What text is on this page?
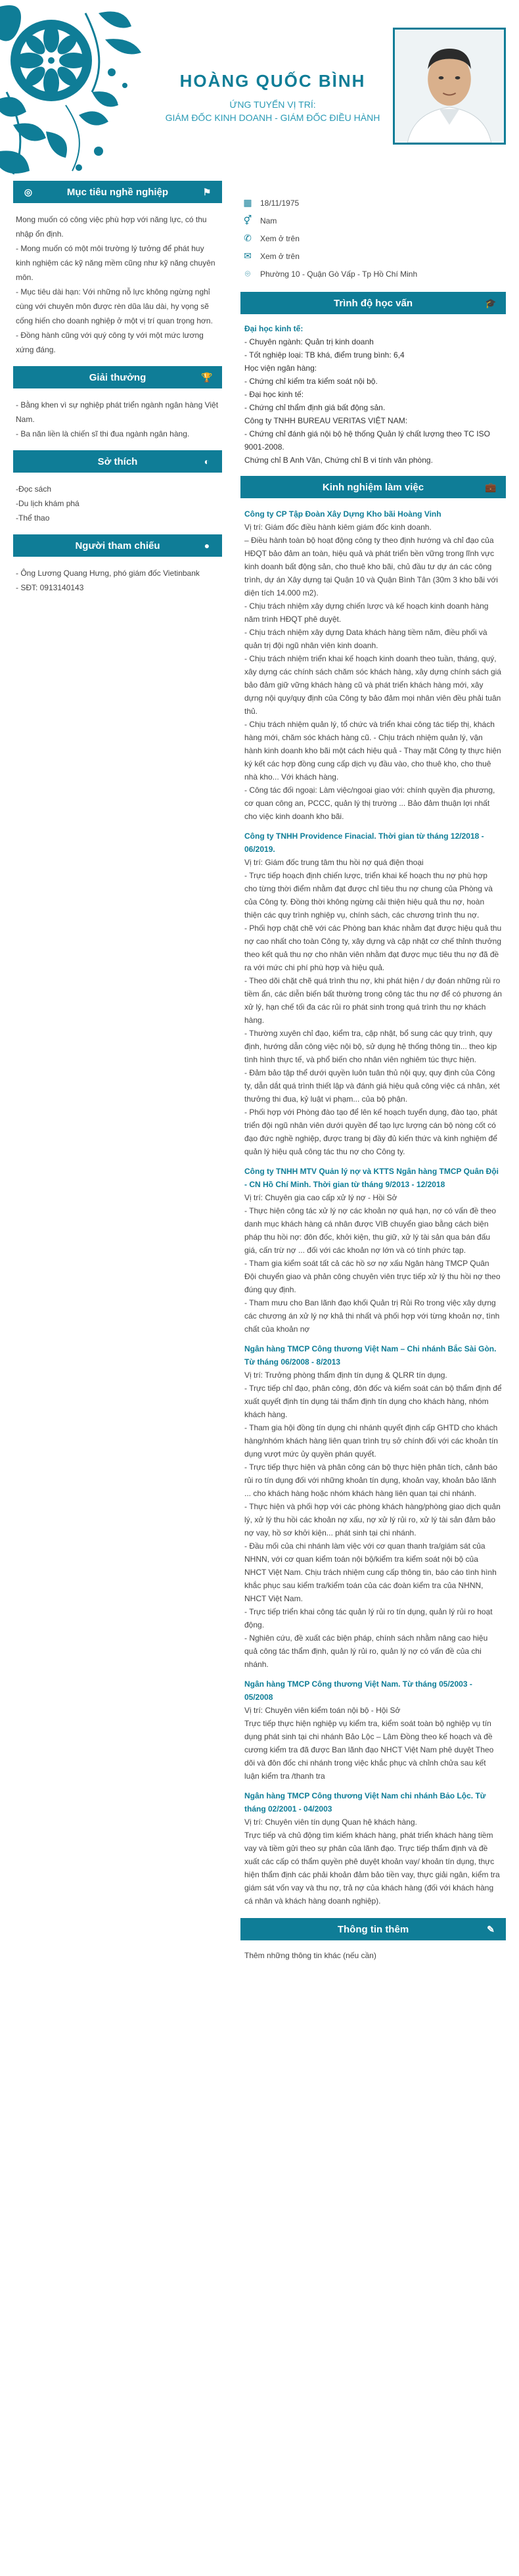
HOÀNG QUỐC BÌNH
ỨNG TUYỂN VỊ TRÍ:
GIÁM ĐỐC KINH DOANH - GIÁM ĐỐC ĐIỀU HÀNH
◎	Mục tiêu nghề nghiệp	⚑

Mong muốn có công việc phù hợp với năng lực, có thu nhập ổn định.

- Mong muốn có một môi trường lý tưởng để phát huy kinh nghiệm các kỹ năng mềm cũng như kỹ năng chuyên môn.

- Mục tiêu dài hạn: Với những nỗ lực không ngừng nghỉ cùng với chuyên môn được rèn dũa lâu dài, hy vọng sẽ cống hiến cho doanh nghiệp ở một vị trí quan trọng hơn.

- Đồng hành cũng với quý công ty với một mức lương xứng đáng.

Giải thưởng	🏆

- Bằng khen vì sự nghiệp phát triển ngành ngân hàng Việt Nam.

- Ba năn liền là chiến sĩ thi đua ngành ngân hàng.

Sở thích	◐

-Đọc sách

-Du lịch khám phá

-Thể thao

Người tham chiếu	●

- Ông Lương Quang Hưng, phó giám đốc Vietinbank

- SĐT: 0913140143

▦	18/11/1975
⚥	Nam
✆	Xem ở trên
✉	Xem ở trên
⌾	Phường 10 - Quận Gò Vấp - Tp Hồ Chí Minh
Trình độ học vấn	🎓
Đại học kinh tế:
- Chuyên ngành: Quản trị kinh doanh
- Tốt nghiệp loại: TB khá, điểm trung bình: 6,4
Học viện ngân hàng:
- Chứng chỉ kiểm tra kiểm soát nội bộ.
- Đại học kinh tế:
- Chứng chỉ thẩm định giá bất động sản.
Công ty TNHH BUREAU VERITAS VIỆT NAM:
- Chứng chỉ đánh giá nội bộ hệ thống Quản lý chất lượng theo TC ISO 9001-2008.
Chứng chỉ B Anh Văn, Chứng chỉ B vi tính văn phòng.
Kinh nghiệm làm việc	💼
Công ty CP Tập Đoàn Xây Dựng Kho bãi Hoàng Vinh
Vị trí: Giám đốc điều hành kiêm giám đốc kinh doanh.
– Điều hành toàn bộ hoạt động công ty theo định hướng và chỉ đạo của HĐQT bảo đảm an toàn, hiệu quả và phát triển bền vững trong lĩnh vực kinh doanh bất động sản, cho thuê kho bãi, chủ đầu tư dự án các công trình, dự án Xây dựng tại Quận 10 và Quận Bình Tân (30m 3 kho bãi với diện tích 14.000 m2).
- Chịu trách nhiệm xây dựng chiến lược và kế hoạch kinh doanh hàng năm trình HĐQT phê duyệt.
- Chịu trách nhiệm xây dựng Data khách hàng tiềm năm, điều phối và quản trị đội ngũ nhân viên kinh doanh.
- Chịu trách nhiệm triển khai kế hoạch kinh doanh theo tuần, tháng, quý, xây dựng các chính sách chăm sóc khách hàng, xây dựng chính sách giá bảo đảm giữ vững khách hàng cũ và phát triển khách hàng mới, xây dựng nội quy/quy định của Công ty bảo đảm mọi nhân viên đều phải tuân thủ.
- Chịu trách nhiệm quản lý, tổ chức và triển khai công tác tiếp thị, khách hàng mới, chăm sóc khách hàng cũ. - Chịu trách nhiệm quản lý, vận hành kinh doanh kho bãi một cách hiệu quả - Thay mặt Công ty thực hiện ký kết các hợp đồng cung cấp dịch vụ đầu vào, cho thuê kho, cho thuê nhà kho... Với khách hàng.
- Công tác đối ngoại: Làm việc/ngoại giao với: chính quyền địa phương, cơ quan công an, PCCC, quản lý thị trường ... Bảo đảm thuận lợi nhất cho việc kinh doanh kho bãi.
Công ty TNHH Providence Finacial. Thời gian từ tháng 12/2018 - 06/2019.
Vị trí: Giám đốc trung tâm thu hồi nợ quá điện thoại
- Trực tiếp hoạch định chiến lược, triển khai kế hoạch thu nợ phù hợp cho từng thời điểm nhằm đạt được chỉ tiêu thu nợ chung của Phòng và của Công ty. Đồng thời không ngừng cải thiện hiệu quả thu nợ, hoàn thiện các quy trình nghiệp vụ, chính sách, các chương trình thu nợ.
- Phối hợp chặt chẽ với các Phòng ban khác nhằm đạt được hiệu quả thu nợ cao nhất cho toàn Công ty, xây dựng và cập nhật cơ chế thỉnh thưởng theo kết quả thu nợ cho nhân viên nhằm đạt được mục tiêu thu nợ đã đề ra với mức chi phí phù hợp và hiệu quả.
- Theo dõi chặt chẽ quá trình thu nợ, khi phát hiện / dự đoán những rủi ro tiềm ẩn, các diễn biến bất thường trong công tác thu nợ để có phương án xử lý, hạn chế tối đa các rủi ro phát sinh trong quá trình thu nợ khách hàng.
- Thường xuyên chỉ đạo, kiểm tra, cập nhật, bổ sung các quy trình, quy định, hướng dẫn công việc nội bộ, sử dụng hệ thống thông tin... theo kịp tình hình thực tế, và phổ biến cho nhân viên nghiêm túc thực hiện.
- Đảm bảo tập thể dưới quyền luôn tuân thủ nội quy, quy định của Công ty, dẫn dắt quá trình thiết lập và đánh giá hiệu quả công việc cá nhân, xét thưởng thi đua, kỷ luật vi phạm... của bộ phận.
- Phối hợp với Phòng đào tạo để lên kế hoạch tuyển dụng, đào tạo, phát triển đội ngũ nhân viên dưới quyền để tạo lực lượng cán bộ nòng cốt có đạo đức nghề nghiệp, được trang bị đầy đủ kiến thức và kinh nghiệm để quản lý hiệu quả công tác thu nợ cho Công ty.
Công ty TNHH MTV Quản lý nợ và KTTS Ngân hàng TMCP Quân Đội - CN Hồ Chí Minh. Thời gian từ tháng 9/2013 - 12/2018
Vị trí: Chuyên gia cao cấp xử lý nợ - Hồi Sở
- Thực hiện công tác xử lý nợ các khoản nợ quá hạn, nợ có vấn đề theo danh mục khách hàng cá nhân được VIB chuyển giao bằng cách biện pháp thu hồi nợ: đôn đốc, khởi kiện, thu giữ, xử lý tài sản qua bán đấu giá, cấn trừ nợ ... đối với các khoản nợ lớn và có tính phức tạp.
- Tham gia kiểm soát tất cả các hồ sơ nợ xấu Ngân hàng TMCP Quân Đội chuyển giao và phản công chuyên viên trực tiếp xử lý thu hồi nợ theo đúng quy định.
- Tham mưu cho Ban lãnh đạo khối Quản trị Rủi Ro trong việc xây dựng các chương án xử lý nợ khả thi nhất và phối hợp với từng khoản nợ, tình chất của khoản nợ
Ngân hàng TMCP Công thương Việt Nam – Chi nhánh Bắc Sài Gòn. Từ tháng 06/2008 - 8/2013
Vị trí: Trưởng phòng thẩm định tín dụng & QLRR tín dụng.
- Trực tiếp chỉ đạo, phân công, đôn đốc và kiểm soát cán bộ thẩm định để xuất quyết định tín dụng tái thẩm định tín dụng cho khách hàng, nhóm khách hàng.
- Tham gia hội đồng tín dụng chi nhánh quyết định cấp GHTD cho khách hàng/nhóm khách hàng liên quan trình trụ sở chính đối với các khoản tín dụng vượt mức ủy quyền phán quyết.
- Trực tiếp thực hiện và phân công cán bộ thực hiện phân tích, cảnh báo rủi ro tín dụng đối với những khoản tín dụng, khoản vay, khoản bảo lãnh ... cho khách hàng hoặc nhóm khách hàng liên quan tại chi nhánh.
- Thực hiện và phối hợp với các phòng khách hàng/phòng giao dịch quản lý, xử lý thu hồi các khoản nợ xấu, nợ xử lý rủi ro, xử lý tài sản đảm bảo nợ vay, hồ sơ khởi kiện... phát sinh tại chi nhánh.
- Đầu mối của chi nhánh làm việc với cơ quan thanh tra/giám sát của NHNN, với cơ quan kiểm toán nội bộ/kiểm tra kiểm soát nội bộ của NHCT Việt Nam. Chịu trách nhiệm cung cấp thông tin, báo cáo tình hình khắc phục sau kiểm tra/kiểm toán của các đoàn kiểm tra của NHNN, NHCT Việt Nam.
- Trực tiếp triển khai công tác quản lý rủi ro tín dụng, quản lý rủi ro hoạt động.
- Nghiên cứu, đề xuất các biện pháp, chính sách nhằm nâng cao hiệu quả công tác thẩm định, quản lý rủi ro, quản lý nợ có vấn đề của chi nhánh.
Ngân hàng TMCP Công thương Việt Nam. Từ tháng 05/2003 - 05/2008
Vị trí: Chuyên viên kiểm toán nội bộ - Hội Sở
Trực tiếp thực hiện nghiệp vụ kiểm tra, kiểm soát toàn bộ nghiệp vụ tín dụng phát sinh tại chi nhánh Bảo Lộc – Lâm Đồng theo kế hoạch và đề cương kiểm tra đã được Ban lãnh đạo NHCT Việt Nam phê duyệt Theo dõi và đôn đốc chi nhánh trong việc khắc phục và chỉnh chửa sau kết luận kiểm tra /thanh tra
Ngân hàng TMCP Công thương Việt Nam chi nhánh Bảo Lộc. Từ tháng 02/2001 - 04/2003
Vị trí: Chuyên viên tín dụng Quan hệ khách hàng.
Trực tiếp và chủ động tìm kiếm khách hàng, phát triển khách hàng tiềm vay và tiềm gửi theo sự phân của lãnh đạo. Trực tiếp thẩm định và đề xuất các cấp có thẩm quyền phê duyệt khoản vay/ khoản tín dụng, thực hiện thẩm định các phải khoản đảm bảo tiền vay, thực giải ngân, kiểm tra giám sát vốn vay và thu nợ, trả nợ của khách hàng (đối với khách hàng cá nhân và khách hàng doanh nghiệp).
Thông tin thêm	✎

Thêm những thông tin khác (nếu cần)
